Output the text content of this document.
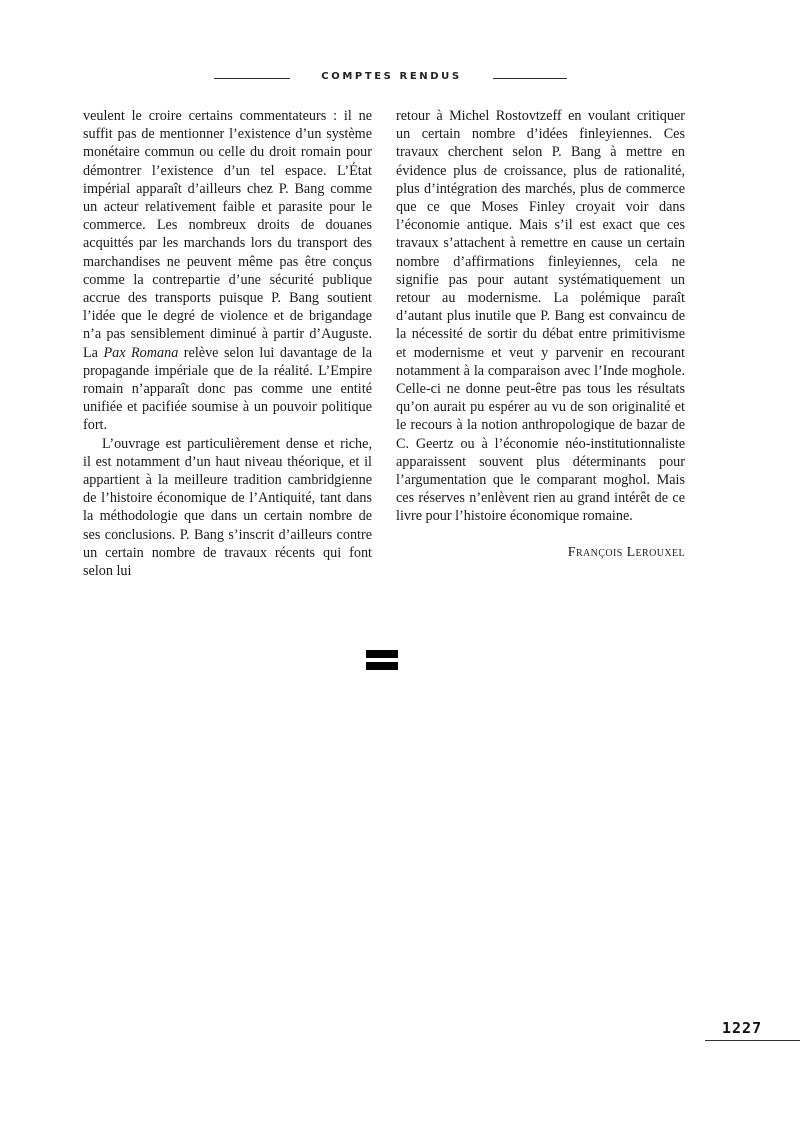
COMPTES RENDUS

veulent le croire certains commentateurs : il ne suffit pas de mentionner l’existence d’un système monétaire commun ou celle du droit romain pour démontrer l’existence d’un tel espace. L’État impérial apparaît d’ailleurs chez P. Bang comme un acteur relativement faible et parasite pour le commerce. Les nombreux droits de douanes acquittés par les marchands lors du transport des marchandises ne peuvent même pas être conçus comme la contrepartie d’une sécurité publique accrue des transports puisque P. Bang soutient l’idée que le degré de violence et de brigandage n’a pas sensiblement diminué à partir d’Auguste. La Pax Romana relève selon lui davantage de la propagande impériale que de la réalité. L’Empire romain n’apparaît donc pas comme une entité unifiée et pacifiée soumise à un pouvoir politique fort.

L’ouvrage est particulièrement dense et riche, il est notamment d’un haut niveau théorique, et il appartient à la meilleure tradition cambridgienne de l’histoire économique de l’Antiquité, tant dans la méthodologie que dans un certain nombre de ses conclusions. P. Bang s’inscrit d’ailleurs contre un certain nombre de travaux récents qui font selon lui

retour à Michel Rostovtzeff en voulant critiquer un certain nombre d’idées finleyiennes. Ces travaux cherchent selon P. Bang à mettre en évidence plus de croissance, plus de rationalité, plus d’intégration des marchés, plus de commerce que ce que Moses Finley croyait voir dans l’économie antique. Mais s’il est exact que ces travaux s’attachent à remettre en cause un certain nombre d’affirmations finleyiennes, cela ne signifie pas pour autant systématiquement un retour au modernisme. La polémique paraît d’autant plus inutile que P. Bang est convaincu de la nécessité de sortir du débat entre primitivisme et modernisme et veut y parvenir en recourant notamment à la comparaison avec l’Inde moghole. Celle-ci ne donne peut-être pas tous les résultats qu’on aurait pu espérer au vu de son originalité et le recours à la notion anthropologique de bazar de C. Geertz ou à l’économie néo-institutionnaliste apparaissent souvent plus déterminants pour l’argumentation que le comparant moghol. Mais ces réserves n’enlèvent rien au grand intérêt de ce livre pour l’histoire économique romaine.

François Lerouxel
1227
